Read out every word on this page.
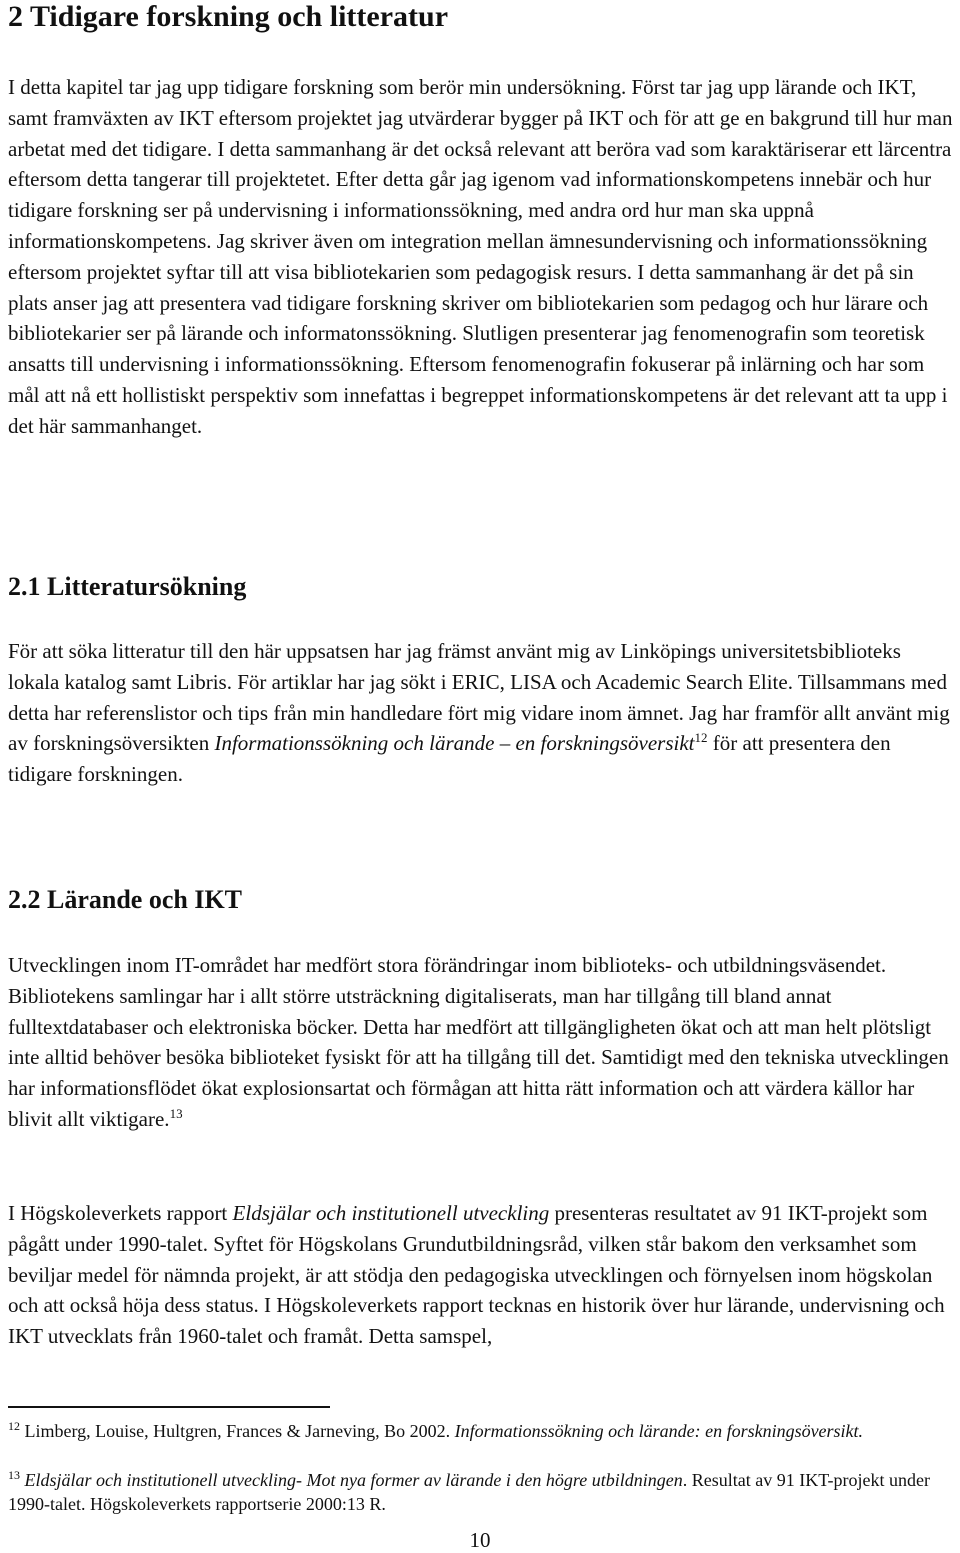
2 Tidigare forskning och litteratur

I detta kapitel tar jag upp tidigare forskning som berör min undersökning. Först tar jag upp lärande och IKT, samt framväxten av IKT eftersom projektet jag utvärderar bygger på IKT och för att ge en bakgrund till hur man arbetat med det tidigare. I detta sammanhang är det också relevant att beröra vad som karaktäriserar ett lärcentra eftersom detta tangerar till projektetet. Efter detta går jag igenom vad informationskompetens innebär och hur tidigare forskning ser på undervisning i informationssökning, med andra ord hur man ska uppnå informationskompetens. Jag skriver även om integration mellan ämnesundervisning och informationssökning eftersom projektet syftar till att visa bibliotekarien som pedagogisk resurs. I detta sammanhang är det på sin plats anser jag att presentera vad tidigare forskning skriver om bibliotekarien som pedagog och hur lärare och bibliotekarier ser på lärande och informatonssökning. Slutligen presenterar jag fenomenografin som teoretisk ansatts till undervisning i informationssökning. Eftersom fenomenografin fokuserar på inlärning och har som mål att nå ett hollistiskt perspektiv som innefattas i begreppet informationskompetens är det relevant att ta upp i det här sammanhanget.

2.1 Litteratursökning

För att söka litteratur till den här uppsatsen har jag främst använt mig av Linköpings universitetsbiblioteks lokala katalog samt Libris. För artiklar har jag sökt i ERIC, LISA och Academic Search Elite. Tillsammans med detta har referenslistor och tips från min handledare fört mig vidare inom ämnet. Jag har framför allt använt mig av forskningsöversikten Informationssökning och lärande – en forskningsöversikt$^{12}$ för att presentera den tidigare forskningen.

2.2 Lärande och IKT

Utvecklingen inom IT-området har medfört stora förändringar inom biblioteks- och utbildningsväsendet. Bibliotekens samlingar har i allt större utsträckning digitaliserats, man har tillgång till bland annat fulltextdatabaser och elektroniska böcker. Detta har medfört att tillgängligheten ökat och att man helt plötsligt inte alltid behöver besöka biblioteket fysiskt för att ha tillgång till det. Samtidigt med den tekniska utvecklingen har informationsflödet ökat explosionsartat och förmågan att hitta rätt information och att värdera källor har blivit allt viktigare.$^{13}$

I Högskoleverkets rapport Eldsjälar och institutionell utveckling presenteras resultatet av 91 IKT-projekt som pågått under 1990-talet. Syftet för Högskolans Grundutbildningsråd, vilken står bakom den verksamhet som beviljar medel för nämnda projekt, är att stödja den pedagogiska utvecklingen och förnyelsen inom högskolan och att också höja dess status. I Högskoleverkets rapport tecknas en historik över hur lärande, undervisning och IKT utvecklats från 1960-talet och framåt. Detta samspel,

$^{12}$ Limberg, Louise, Hultgren, Frances & Jarneving, Bo 2002. Informationssökning och lärande: en forskningsöversikt.

$^{13}$ Eldsjälar och institutionell utveckling- Mot nya former av lärande i den högre utbildningen. Resultat av 91 IKT-projekt under 1990-talet. Högskoleverkets rapportserie 2000:13 R.

10
